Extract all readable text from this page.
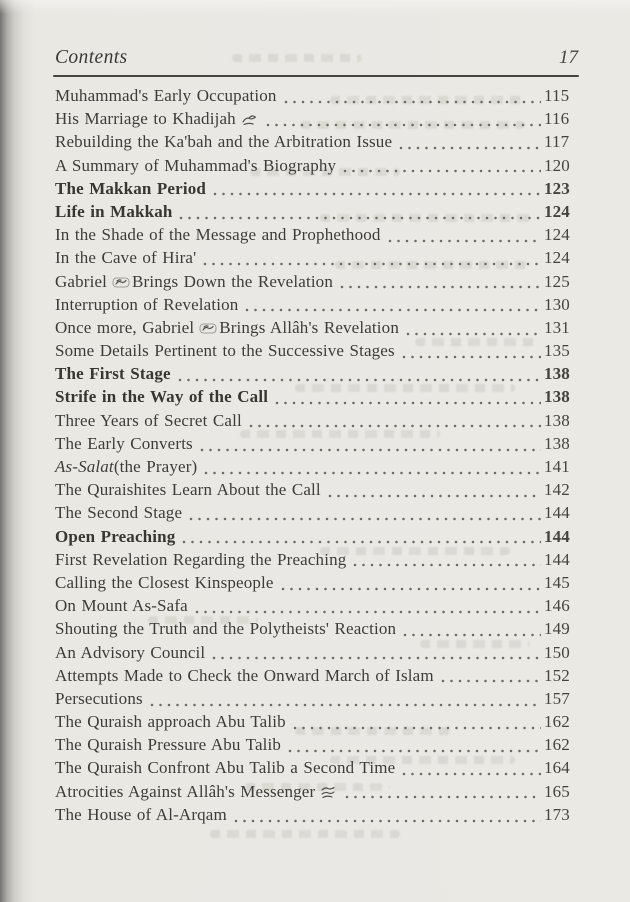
Contents	17
Muhammad's Early Occupation	115
His Marriage to Khadijah	116
Rebuilding the Ka'bah and the Arbitration Issue	117
A Summary of Muhammad's Biography	120
The Makkan Period	123
Life in Makkah	124
In the Shade of the Message and Prophethood	124
In the Cave of Hira'	124
Gabriel Brings Down the Revelation	125
Interruption of Revelation	130
Once more, Gabriel Brings Allâh's Revelation	131
Some Details Pertinent to the Successive Stages	135
The First Stage	138
Strife in the Way of the Call	138
Three Years of Secret Call	138
The Early Converts	138
As-Salat (the Prayer)	141
The Quraishites Learn About the Call	142
The Second Stage	144
Open Preaching	144
First Revelation Regarding the Preaching	144
Calling the Closest Kinspeople	145
On Mount As-Safa	146
Shouting the Truth and the Polytheists' Reaction	149
An Advisory Council	150
Attempts Made to Check the Onward March of Islam	152
Persecutions	157
The Quraish approach Abu Talib	162
The Quraish Pressure Abu Talib	162
The Quraish Confront Abu Talib a Second Time	164
Atrocities Against Allâh's Messenger	165
The House of Al-Arqam	173
